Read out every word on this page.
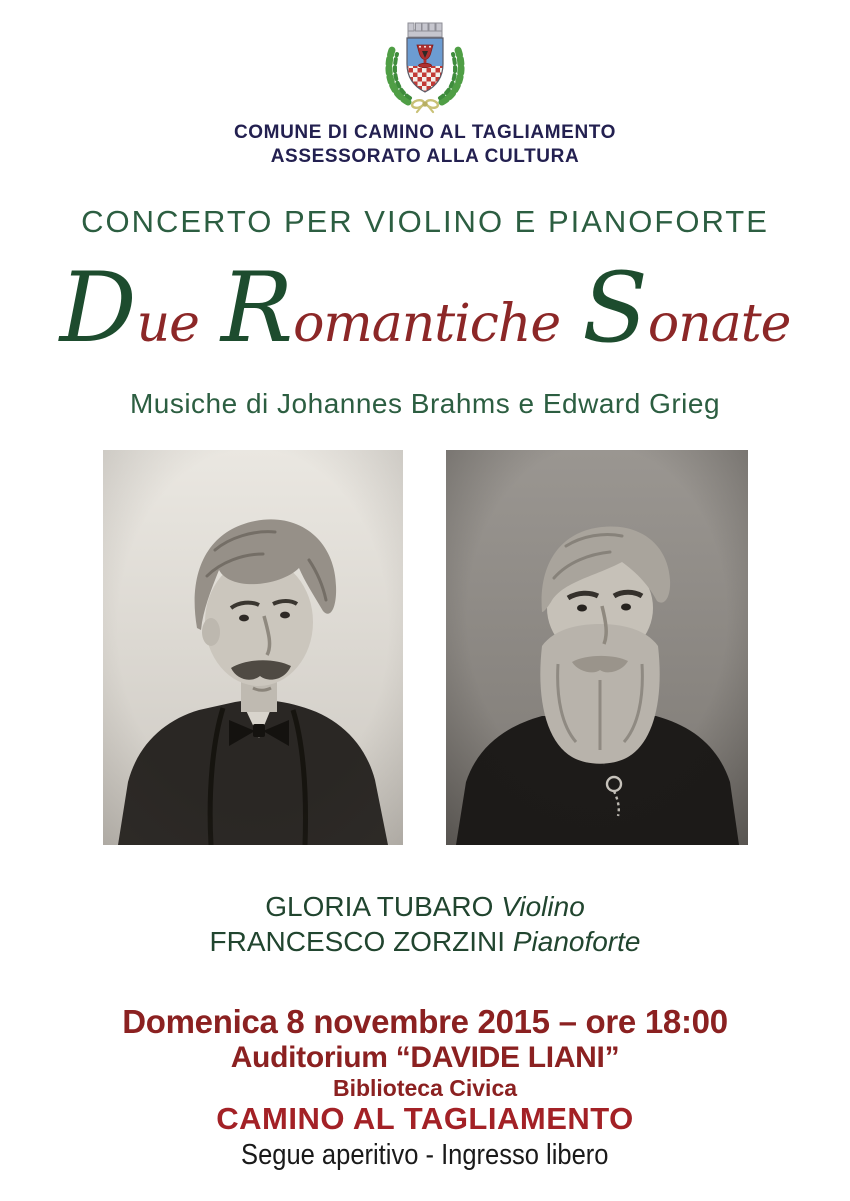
COMUNE DI CAMINO AL TAGLIAMENTO
ASSESSORATO ALLA CULTURA
CONCERTO PER VIOLINO E PIANOFORTE
D ue R omantiche S onate
Musiche di Johannes Brahms e Edward Grieg
GLORIA TUBARO Violino
FRANCESCO ZORZINI Pianoforte
Domenica 8 novembre 2015 – ore 18:00
Auditorium “DAVIDE LIANI”
Biblioteca Civica
CAMINO AL TAGLIAMENTO
Segue aperitivo - Ingresso libero
